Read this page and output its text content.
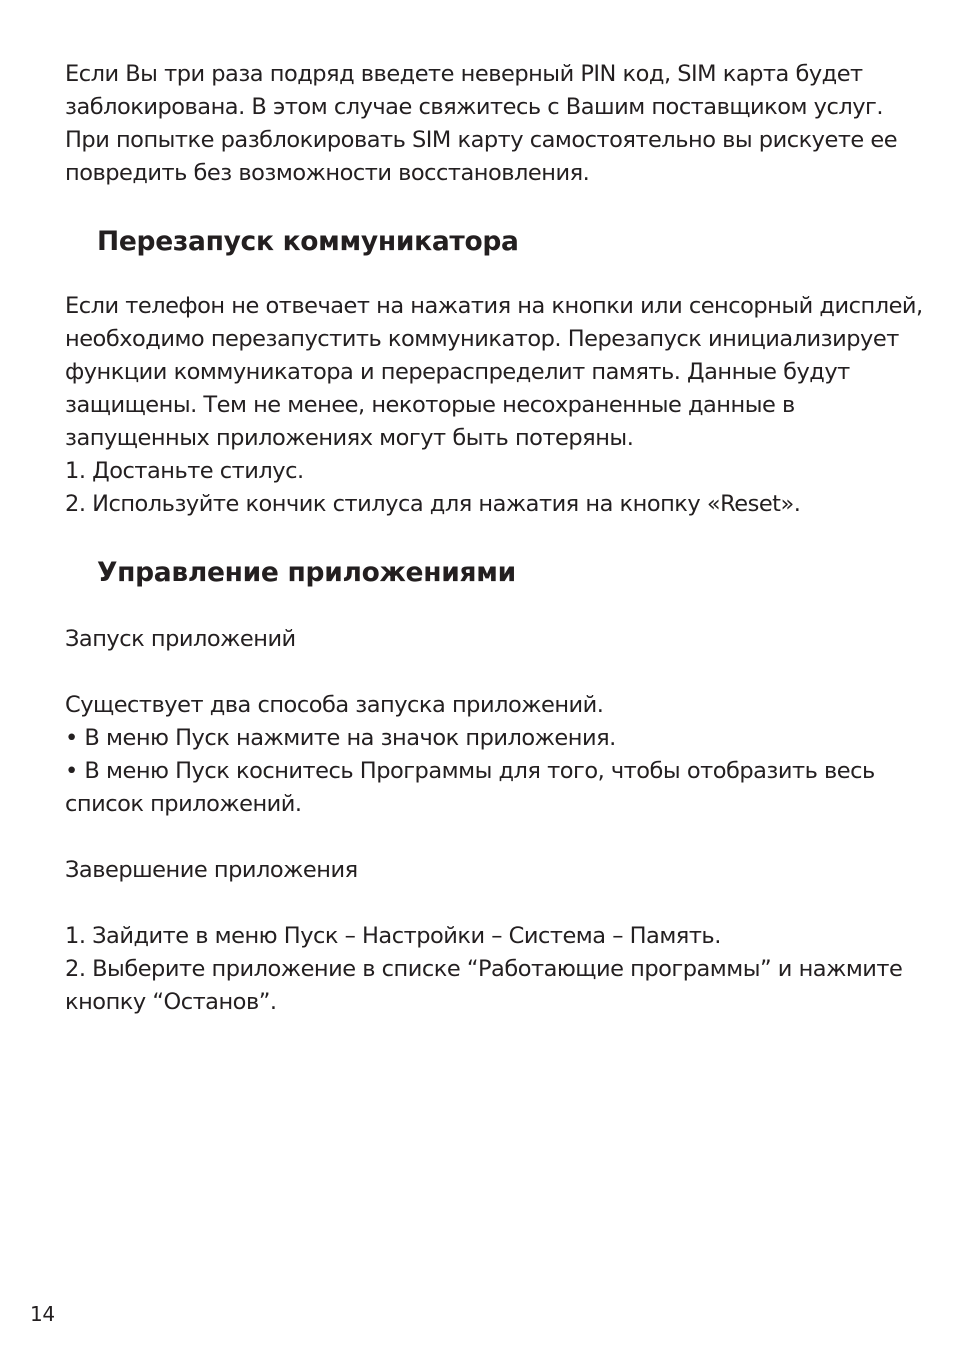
Если Вы три раза подряд введете неверный PIN код, SIM карта будет
заблокирована. В этом случае свяжитесь с Вашим поставщиком услуг.
При попытке разблокировать SIM карту самостоятельно вы рискуете ее
повредить без возможности восстановления.

Перезапуск коммуникатора

Если телефон не отвечает на нажатия на кнопки или сенсорный дисплей,
необходимо перезапустить коммуникатор. Перезапуск инициализирует
функции коммуникатора и перераспределит память. Данные будут
защищены. Тем не менее, некоторые несохраненные данные в
запущенных приложениях могут быть потеряны.
1. Достаньте стилус.
2. Используйте кончик стилуса для нажатия на кнопку «Reset».

Управление приложениями

Запуск приложений

Существует два способа запуска приложений.
• В меню Пуск нажмите на значок приложения.
• В меню Пуск коснитесь Программы для того, чтобы отобразить весь
список приложений.

Завершение приложения

1. Зайдите в меню Пуск – Настройки – Система – Память.
2. Выберите приложение в списке “Работающие программы” и нажмите
кнопку “Останов”.

14
